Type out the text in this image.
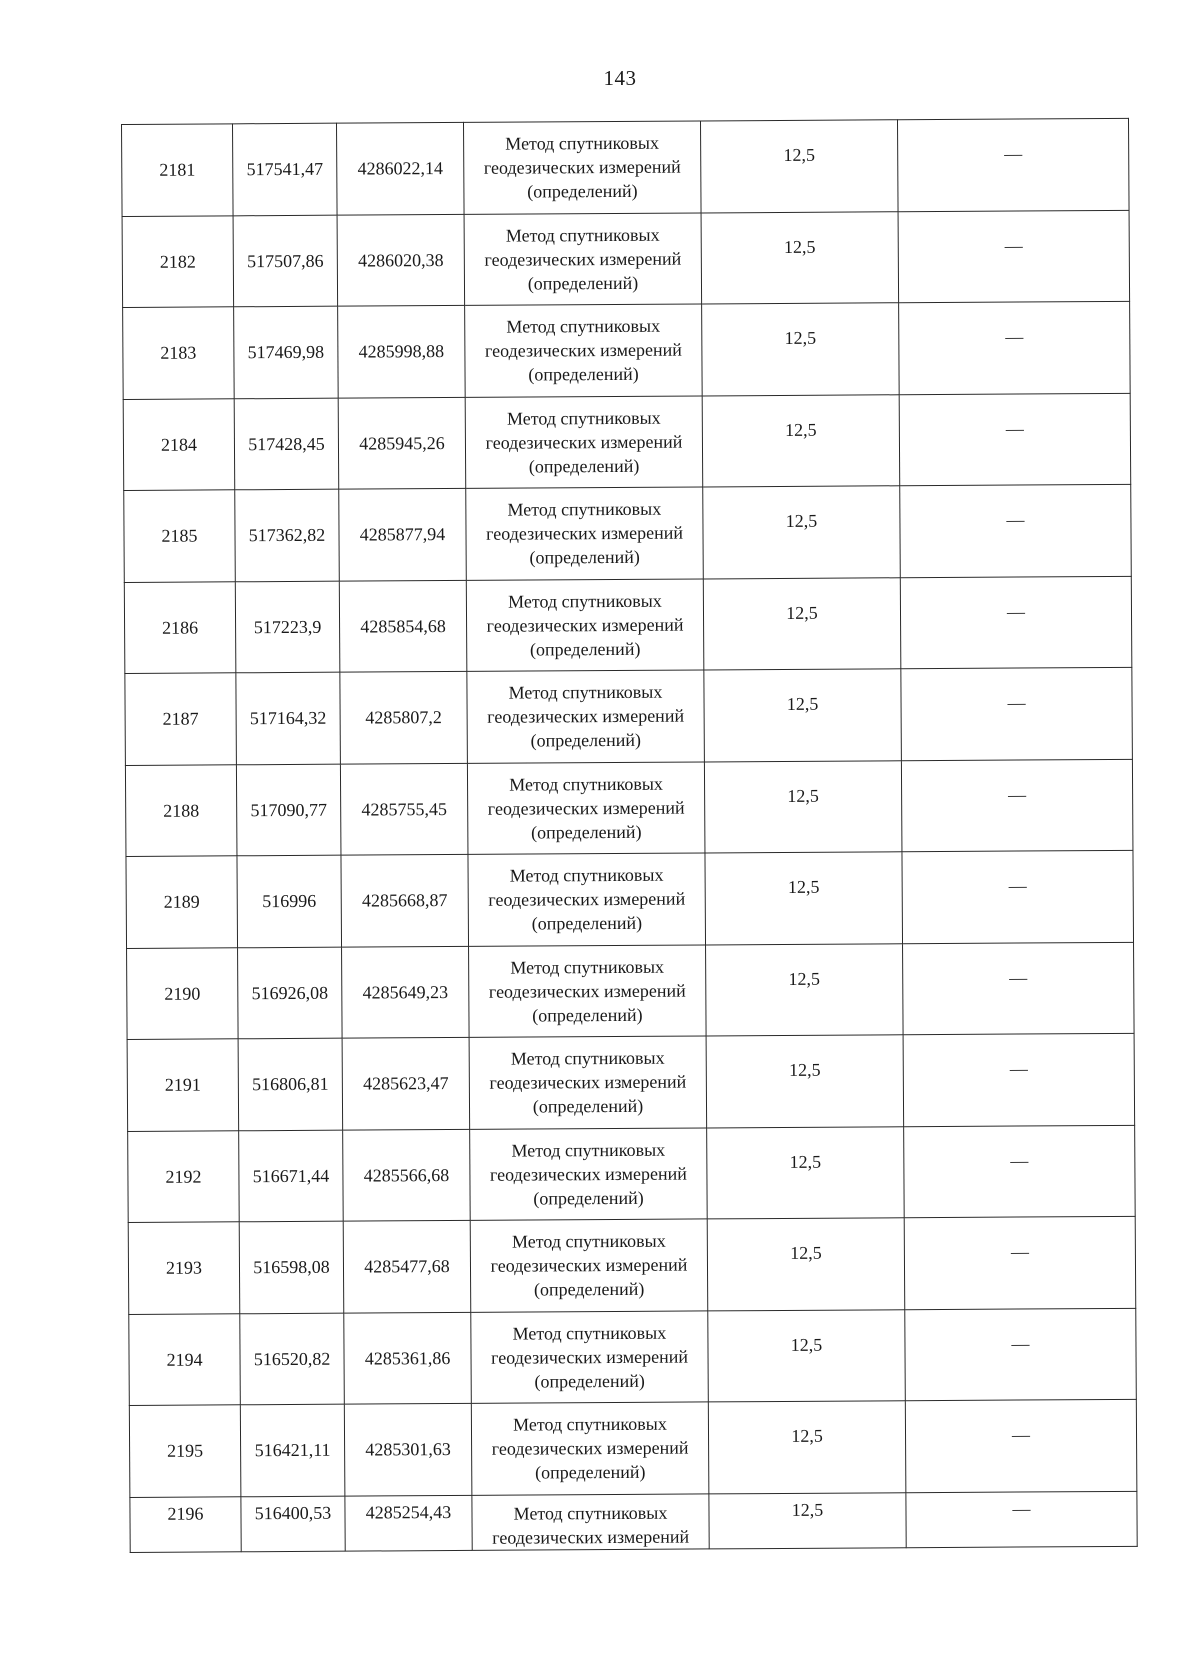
143
2181	517541,47	4286022,14	Метод спутниковых
геодезических измерений
(определений)	12,5	—
2182	517507,86	4286020,38	Метод спутниковых
геодезических измерений
(определений)	12,5	—
2183	517469,98	4285998,88	Метод спутниковых
геодезических измерений
(определений)	12,5	—
2184	517428,45	4285945,26	Метод спутниковых
геодезических измерений
(определений)	12,5	—
2185	517362,82	4285877,94	Метод спутниковых
геодезических измерений
(определений)	12,5	—
2186	517223,9	4285854,68	Метод спутниковых
геодезических измерений
(определений)	12,5	—
2187	517164,32	4285807,2	Метод спутниковых
геодезических измерений
(определений)	12,5	—
2188	517090,77	4285755,45	Метод спутниковых
геодезических измерений
(определений)	12,5	—
2189	516996	4285668,87	Метод спутниковых
геодезических измерений
(определений)	12,5	—
2190	516926,08	4285649,23	Метод спутниковых
геодезических измерений
(определений)	12,5	—
2191	516806,81	4285623,47	Метод спутниковых
геодезических измерений
(определений)	12,5	—
2192	516671,44	4285566,68	Метод спутниковых
геодезических измерений
(определений)	12,5	—
2193	516598,08	4285477,68	Метод спутниковых
геодезических измерений
(определений)	12,5	—
2194	516520,82	4285361,86	Метод спутниковых
геодезических измерений
(определений)	12,5	—
2195	516421,11	4285301,63	Метод спутниковых
геодезических измерений
(определений)	12,5	—
2196	516400,53	4285254,43	Метод спутниковых
геодезических измерений	12,5	—
